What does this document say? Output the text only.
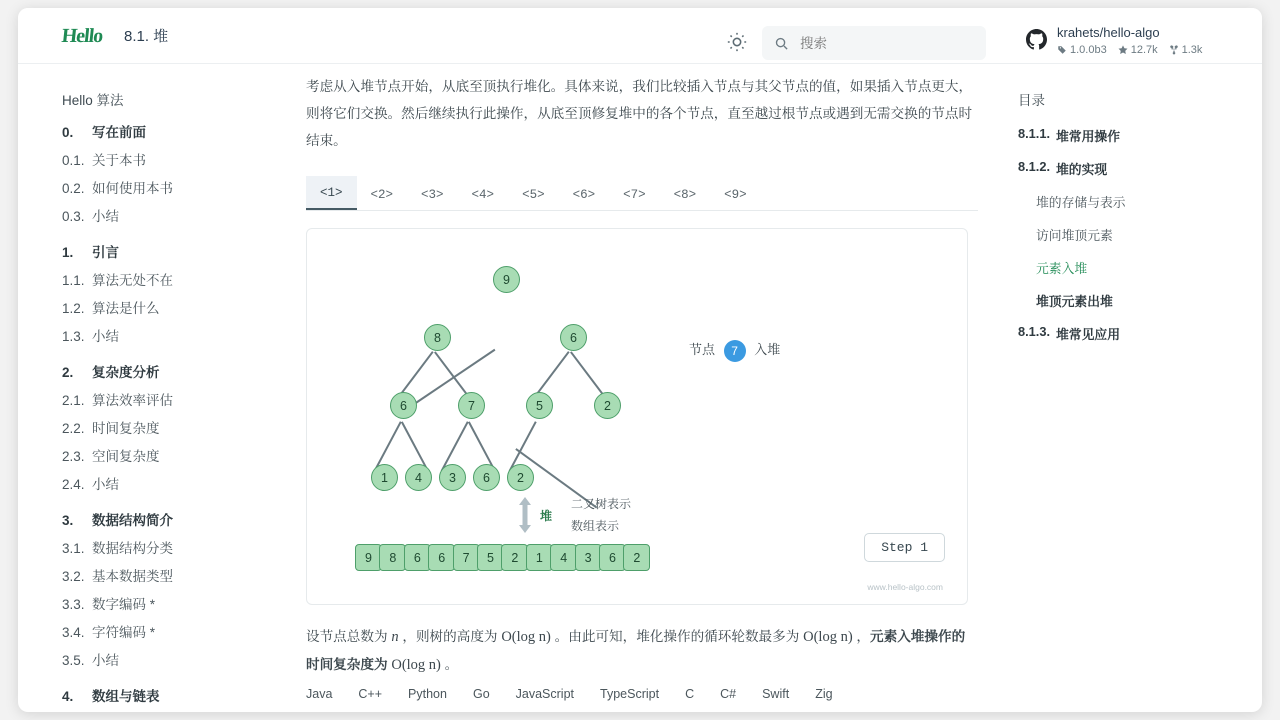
Hello 8.1. 堆
搜索	krahets/hello-algo
1.0.0b3 12.7k 1.3k
Hello 算法
0.	写在前面
0.1. 关于本书
0.2. 如何使用本书
0.3. 小结
1.	引言
1.1. 算法无处不在
1.2. 算法是什么
1.3. 小结
2.	复杂度分析
2.1. 算法效率评估
2.2. 时间复杂度
2.3. 空间复杂度
2.4. 小结
3.	数据结构简介
3.1. 数据结构分类
3.2. 基本数据类型
3.3. 数字编码 *
3.4. 字符编码 *
3.5. 小结
4.	数组与链表
考虑从入堆节点开始，从底至顶执行堆化。具体来说，我们比较插入节点与其父节点的值，如果插入节点更大，则将它们交换。然后继续执行此操作，从底至顶修复堆中的各个节点，直至越过根节点或遇到无需交换的节点时结束。
<1>	<2>	<3>	<4>	<5>	<6>	<7>	<8>	<9>
9
8	6
6	7	5	2
1	4	3	6	2
节点 7 入堆
堆
二叉树表示
数组表示
9	8	6	6	7	5	2	1	4	3	6	2
Step 1
www.hello-algo.com
设节点总数为 n ，则树的高度为 O(log n) 。由此可知，堆化操作的循环轮数最多为 O(log n) ，元素入堆操作的时间复杂度为 O(log n) 。
Java C++ Python Go JavaScript TypeScript C C# Swift Zig
目录
8.1.1. 堆常用操作
8.1.2. 堆的实现
堆的存储与表示
访问堆顶元素
元素入堆
堆顶元素出堆
8.1.3. 堆常见应用
